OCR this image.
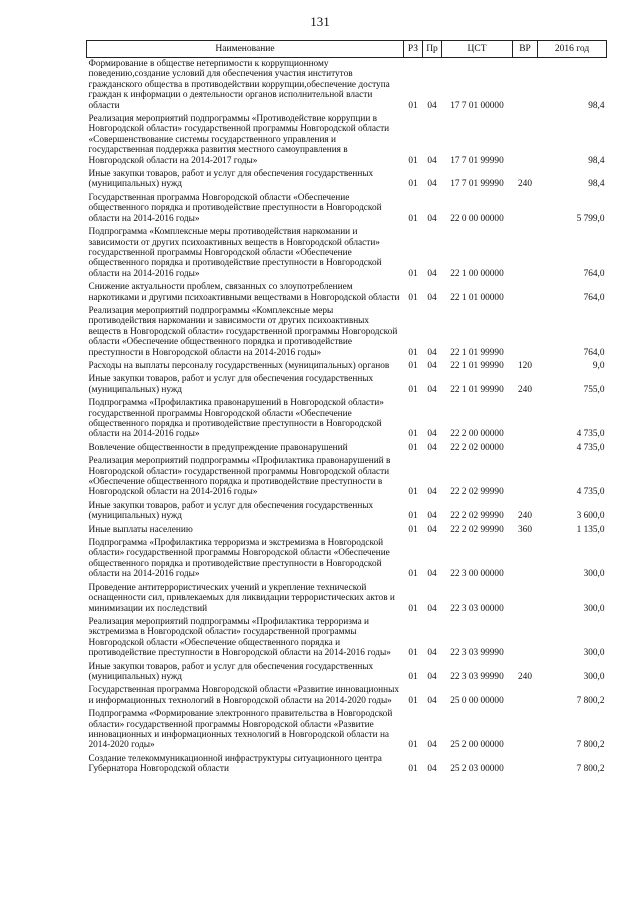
131
Наименование	РЗ	Пр	ЦСТ	ВР	2016 год
Формирование в обществе нетерпимости к коррупционному поведению,создание условий для обеспечения участия институтов гражданского общества в противодействии коррупции,обеспечение доступа граждан к информации о деятельности органов исполнительной власти области	01	04	17 7 01 00000		98,4
Реализация мероприятий подпрограммы «Противодействие коррупции в Новгородской области» государственной программы Новгородской области «Совершенствование системы государственного управления и государственная поддержка развития местного самоуправления в Новгородской области на 2014-2017 годы»	01	04	17 7 01 99990		98,4
Иные закупки товаров, работ и услуг для обеспечения государственных (муниципальных) нужд	01	04	17 7 01 99990	240	98,4
Государственная программа Новгородской области «Обеспечение общественного порядка и противодействие преступности в Новгородской области на 2014-2016 годы»	01	04	22 0 00 00000		5 799,0
Подпрограмма «Комплексные меры противодействия наркомании и зависимости от других психоактивных веществ в Новгородской области» государственной программы Новгородской области «Обеспечение общественного порядка и противодействие преступности в Новгородской области на 2014-2016 годы»	01	04	22 1 00 00000		764,0
Снижение актуальности проблем, связанных со злоупотреблением наркотиками и другими психоактивными веществами в Новгородской области	01	04	22 1 01 00000		764,0
Реализация мероприятий подпрограммы «Комплексные меры противодействия наркомании и зависимости от других психоактивных веществ в Новгородской области» государственной программы Новгородской области «Обеспечение общественного порядка и противодействие преступности в Новгородской области на 2014-2016 годы»	01	04	22 1 01 99990		764,0
Расходы на выплаты персоналу государственных (муниципальных) органов	01	04	22 1 01 99990	120	9,0
Иные закупки товаров, работ и услуг для обеспечения государственных (муниципальных) нужд	01	04	22 1 01 99990	240	755,0
Подпрограмма «Профилактика правонарушений в Новгородской области» государственной программы Новгородской области «Обеспечение общественного порядка и противодействие преступности в Новгородской области на 2014-2016 годы»	01	04	22 2 00 00000		4 735,0
Вовлечение общественности в предупреждение правонарушений	01	04	22 2 02 00000		4 735,0
Реализация мероприятий подпрограммы «Профилактика правонарушений в Новгородской области» государственной программы Новгородской области «Обеспечение общественного порядка и противодействие преступности в Новгородской области на 2014-2016 годы»	01	04	22 2 02 99990		4 735,0
Иные закупки товаров, работ и услуг для обеспечения государственных (муниципальных) нужд	01	04	22 2 02 99990	240	3 600,0
Иные выплаты населению	01	04	22 2 02 99990	360	1 135,0
Подпрограмма «Профилактика терроризма и экстремизма в Новгородской области» государственной программы Новгородской области «Обеспечение общественного порядка и противодействие преступности в Новгородской области на 2014-2016 годы»	01	04	22 3 00 00000		300,0
Проведение антитеррористических учений и укрепление технической оснащенности сил, привлекаемых для ликвидации террористических актов и минимизации их последствий	01	04	22 3 03 00000		300,0
Реализация мероприятий подпрограммы «Профилактика терроризма и экстремизма в Новгородской области» государственной программы Новгородской области «Обеспечение общественного порядка и противодействие преступности в Новгородской области на 2014-2016 годы»	01	04	22 3 03 99990		300,0
Иные закупки товаров, работ и услуг для обеспечения государственных (муниципальных) нужд	01	04	22 3 03 99990	240	300,0
Государственная программа Новгородской области «Развитие инновационных и информационных технологий в Новгородской области на 2014-2020 годы»	01	04	25 0 00 00000		7 800,2
Подпрограмма «Формирование электронного правительства в Новгородской области» государственной программы Новгородской области «Развитие инновационных и информационных технологий в Новгородской области на 2014-2020 годы»	01	04	25 2 00 00000		7 800,2
Создание телекоммуникационной инфраструктуры ситуационного центра Губернатора Новгородской области	01	04	25 2 03 00000		7 800,2
